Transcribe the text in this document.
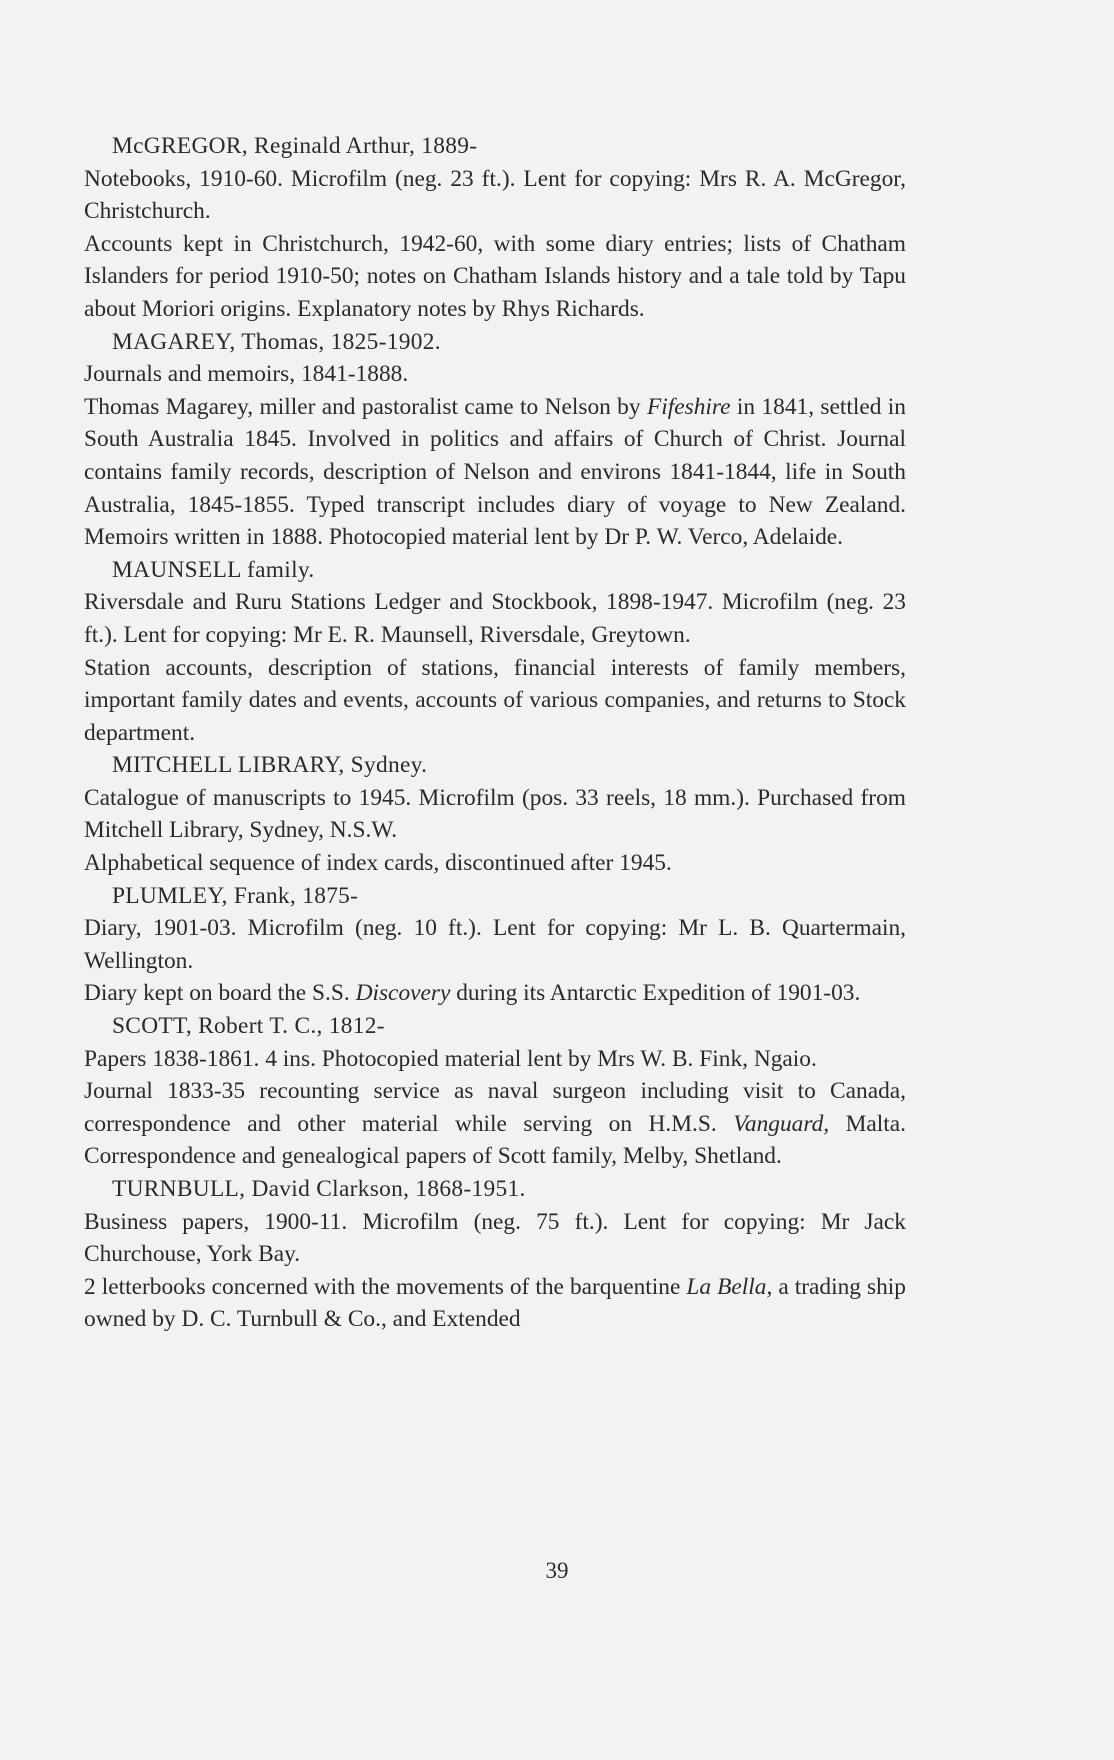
McGREGOR, Reginald Arthur, 1889-

Notebooks, 1910-60. Microfilm (neg. 23 ft.). Lent for copying: Mrs R. A. McGregor, Christchurch.

Accounts kept in Christchurch, 1942-60, with some diary entries; lists of Chatham Islanders for period 1910-50; notes on Chatham Islands history and a tale told by Tapu about Moriori origins. Explanatory notes by Rhys Richards.

MAGAREY, Thomas, 1825-1902.

Journals and memoirs, 1841-1888.

Thomas Magarey, miller and pastoralist came to Nelson by Fifeshire in 1841, settled in South Australia 1845. Involved in politics and affairs of Church of Christ. Journal contains family records, description of Nelson and environs 1841-1844, life in South Australia, 1845-1855. Typed transcript includes diary of voyage to New Zealand. Memoirs written in 1888. Photocopied material lent by Dr P. W. Verco, Adelaide.

MAUNSELL family.

Riversdale and Ruru Stations Ledger and Stockbook, 1898-1947. Microfilm (neg. 23 ft.). Lent for copying: Mr E. R. Maunsell, Riversdale, Greytown.

Station accounts, description of stations, financial interests of family members, important family dates and events, accounts of various companies, and returns to Stock department.

MITCHELL LIBRARY, Sydney.

Catalogue of manuscripts to 1945. Microfilm (pos. 33 reels, 18 mm.). Purchased from Mitchell Library, Sydney, N.S.W.

Alphabetical sequence of index cards, discontinued after 1945.

PLUMLEY, Frank, 1875-

Diary, 1901-03. Microfilm (neg. 10 ft.). Lent for copying: Mr L. B. Quartermain, Wellington.

Diary kept on board the S.S. Discovery during its Antarctic Expedition of 1901-03.

SCOTT, Robert T. C., 1812-

Papers 1838-1861. 4 ins. Photocopied material lent by Mrs W. B. Fink, Ngaio.

Journal 1833-35 recounting service as naval surgeon including visit to Canada, correspondence and other material while serving on H.M.S. Vanguard, Malta. Correspondence and genealogical papers of Scott family, Melby, Shetland.

TURNBULL, David Clarkson, 1868-1951.

Business papers, 1900-11. Microfilm (neg. 75 ft.). Lent for copying: Mr Jack Churchouse, York Bay.

2 letterbooks concerned with the movements of the barquentine La Bella, a trading ship owned by D. C. Turnbull & Co., and Extended

39
